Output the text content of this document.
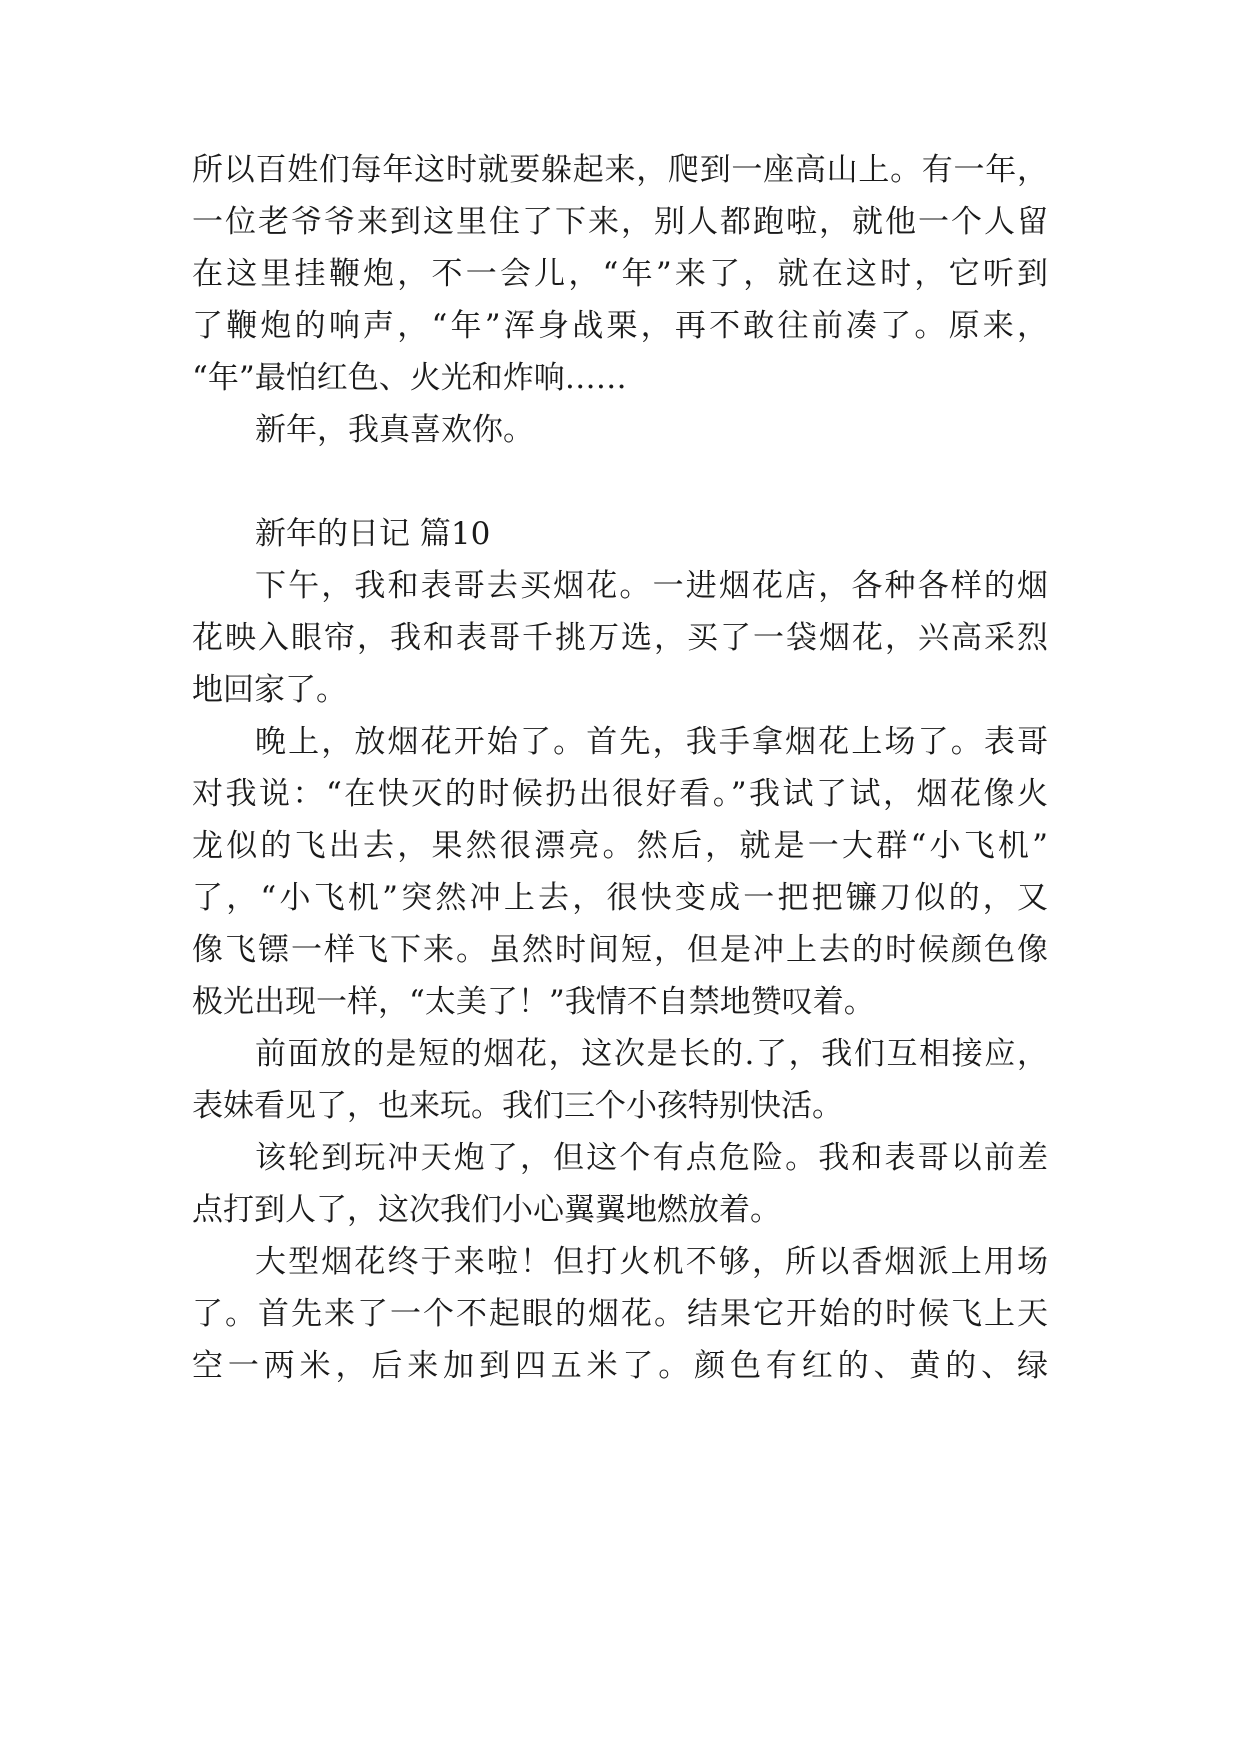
所以百姓们每年这时就要躲起来，爬到一座高山上。有一年，
一位老爷爷来到这里住了下来，别人都跑啦，就他一个人留
在这里挂鞭炮，不一会儿，“年”来了，就在这时，它听到
了鞭炮的响声，“年”浑身战栗，再不敢往前凑了。原来，
“年”最怕红色、火光和炸响……
新年，我真喜欢你。
新年的日记 篇10
下午，我和表哥去买烟花。一进烟花店，各种各样的烟
花映入眼帘，我和表哥千挑万选，买了一袋烟花，兴高采烈
地回家了。
晚上，放烟花开始了。首先，我手拿烟花上场了。表哥
对我说：“在快灭的时候扔出很好看。”我试了试，烟花像火
龙似的飞出去，果然很漂亮。然后，就是一大群“小飞机”
了，“小飞机”突然冲上去，很快变成一把把镰刀似的，又
像飞镖一样飞下来。虽然时间短，但是冲上去的时候颜色像
极光出现一样，“太美了！”我情不自禁地赞叹着。
前面放的是短的烟花，这次是长的.了，我们互相接应，
表妹看见了，也来玩。我们三个小孩特别快活。
该轮到玩冲天炮了，但这个有点危险。我和表哥以前差
点打到人了，这次我们小心翼翼地燃放着。
大型烟花终于来啦！但打火机不够，所以香烟派上用场
了。首先来了一个不起眼的烟花。结果它开始的时候飞上天
空一两米，后来加到四五米了。颜色有红的、黄的、绿
